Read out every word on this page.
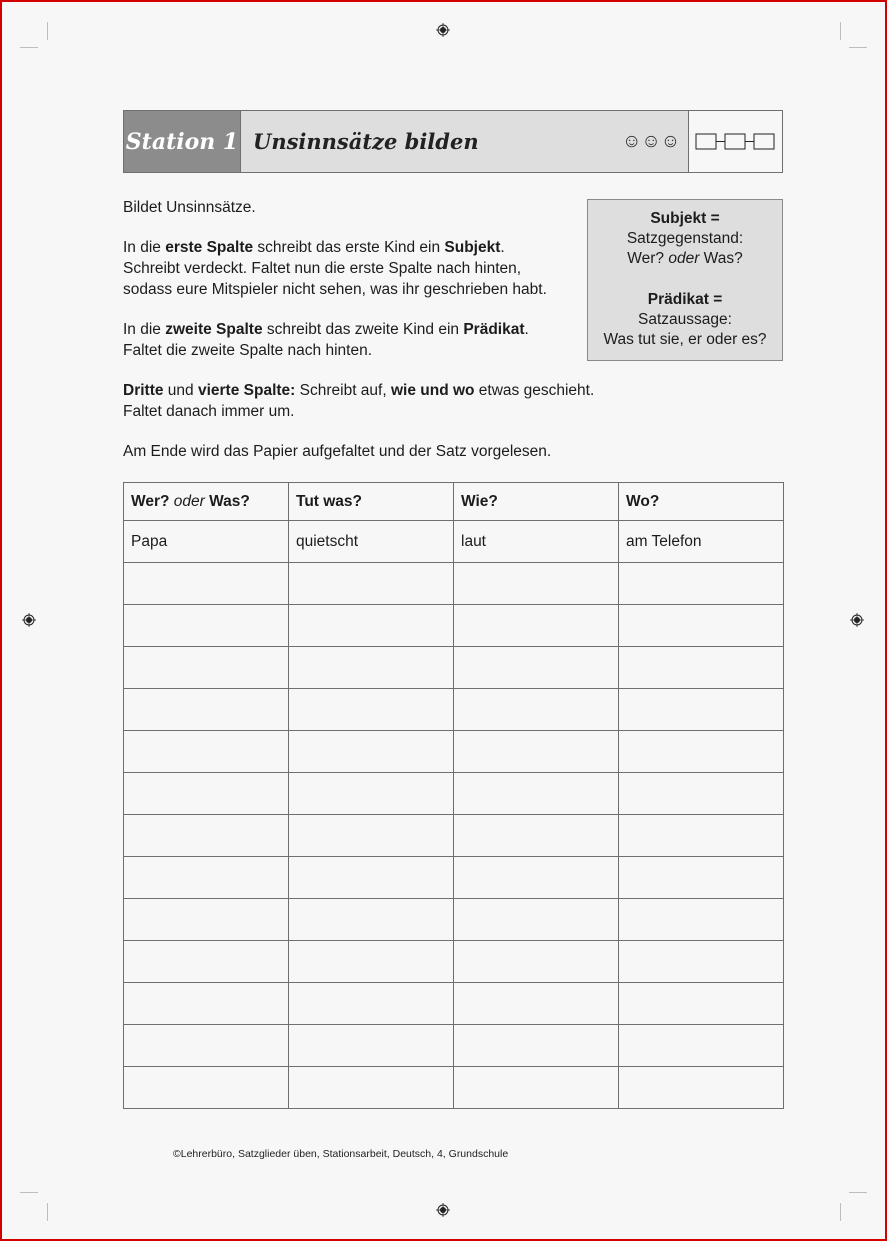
Station 1 Unsinnsätze bilden	☺☺☺
Bildet Unsinnsätze.
In die erste Spalte schreibt das erste Kind ein Subjekt.
Schreibt verdeckt. Faltet nun die erste Spalte nach hinten,
sodass eure Mitspieler nicht sehen, was ihr geschrieben habt.
In die zweite Spalte schreibt das zweite Kind ein Prädikat.
Faltet die zweite Spalte nach hinten.
Dritte und vierte Spalte: Schreibt auf, wie und wo etwas geschieht.
Faltet danach immer um.
Am Ende wird das Papier aufgefaltet und der Satz vorgelesen.
Subjekt =
Satzgegenstand:
Wer? oder Was?
Prädikat =
Satzaussage:
Was tut sie, er oder es?
Wer? oder Was?	Tut was?	Wie?	Wo?
Papa	quietscht	laut	am Telefon

©Lehrerbüro, Satzglieder üben, Stationsarbeit, Deutsch, 4, Grundschule
